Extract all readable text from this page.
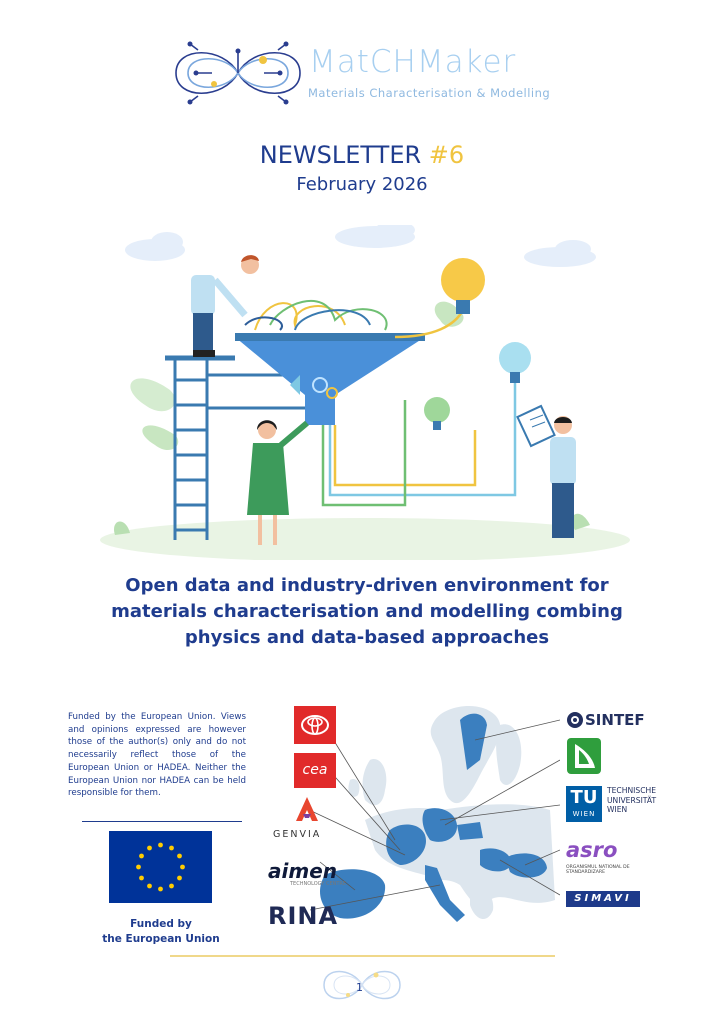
MatCHMaker
Materials Characterisation & Modelling
NEWSLETTER #6
February 2026
Open data and industry-driven environment for materials characterisation and modelling combing physics and data-based approaches
Funded by the European Union. Views and opinions expressed are however those of the author(s) only and do not necessarily reflect those of the European Union or HADEA. Neither the European Union nor HADEA can be held responsible for them.
Funded by
the European Union
cea
GENVIA
aimen
TECHNOLOGY CENTRE
RINA
SINTEF
TU
WIEN
TECHNISCHE
UNIVERSITÄT
WIEN
asro
ORGANISMUL NATIONAL DE STANDARDIZARE
SIMAVI
1
